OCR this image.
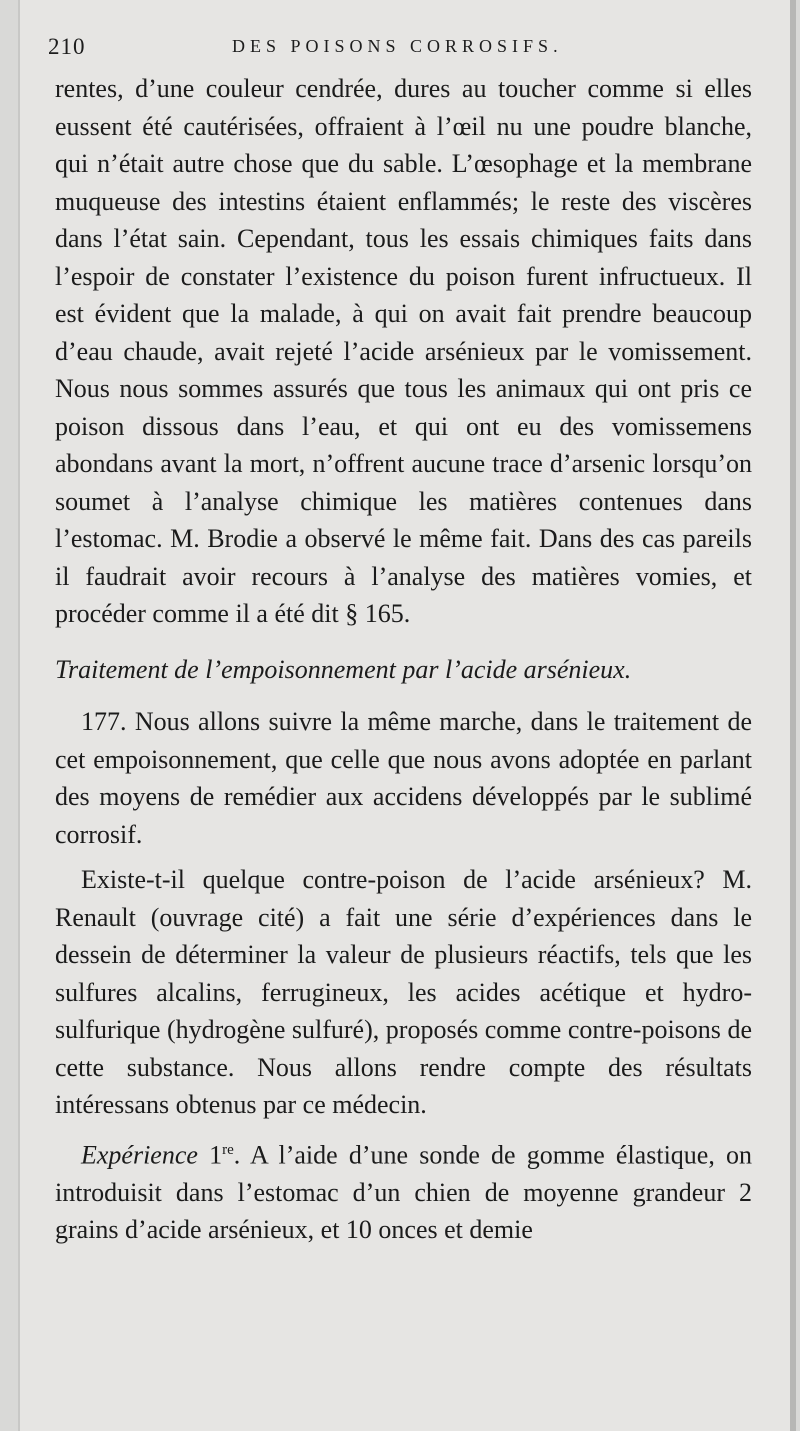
210	DES POISONS CORROSIFS.

rentes, d’une couleur cendrée, dures au toucher comme si elles eussent été cautérisées, offraient à l’œil nu une poudre blanche, qui n’était autre chose que du sable. L’œsophage et la membrane muqueuse des intestins étaient enflammés; le reste des viscères dans l’état sain. Cependant, tous les essais chimiques faits dans l’espoir de constater l’existence du poison furent infructueux. Il est évident que la malade, à qui on avait fait prendre beaucoup d’eau chaude, avait rejeté l’acide arsénieux par le vomissement. Nous nous sommes assurés que tous les animaux qui ont pris ce poison dissous dans l’eau, et qui ont eu des vomissemens abondans avant la mort, n’offrent aucune trace d’arsenic lorsqu’on soumet à l’analyse chimique les matières contenues dans l’estomac. M. Brodie a observé le même fait. Dans des cas pareils il faudrait avoir recours à l’analyse des matières vomies, et procéder comme il a été dit § 165.

Traitement de l’empoisonnement par l’acide arsénieux.

177. Nous allons suivre la même marche, dans le traitement de cet empoisonnement, que celle que nous avons adoptée en parlant des moyens de remédier aux accidens développés par le sublimé corrosif.

Existe-t-il quelque contre-poison de l’acide arsénieux? M. Renault (ouvrage cité) a fait une série d’expériences dans le dessein de déterminer la valeur de plusieurs réactifs, tels que les sulfures alcalins, ferrugineux, les acides acétique et hydro-sulfurique (hydrogène sulfuré), proposés comme contre-poisons de cette substance. Nous allons rendre compte des résultats intéressans obtenus par ce médecin.

Expérience 1re. A l’aide d’une sonde de gomme élastique, on introduisit dans l’estomac d’un chien de moyenne grandeur 2 grains d’acide arsénieux, et 10 onces et demie
